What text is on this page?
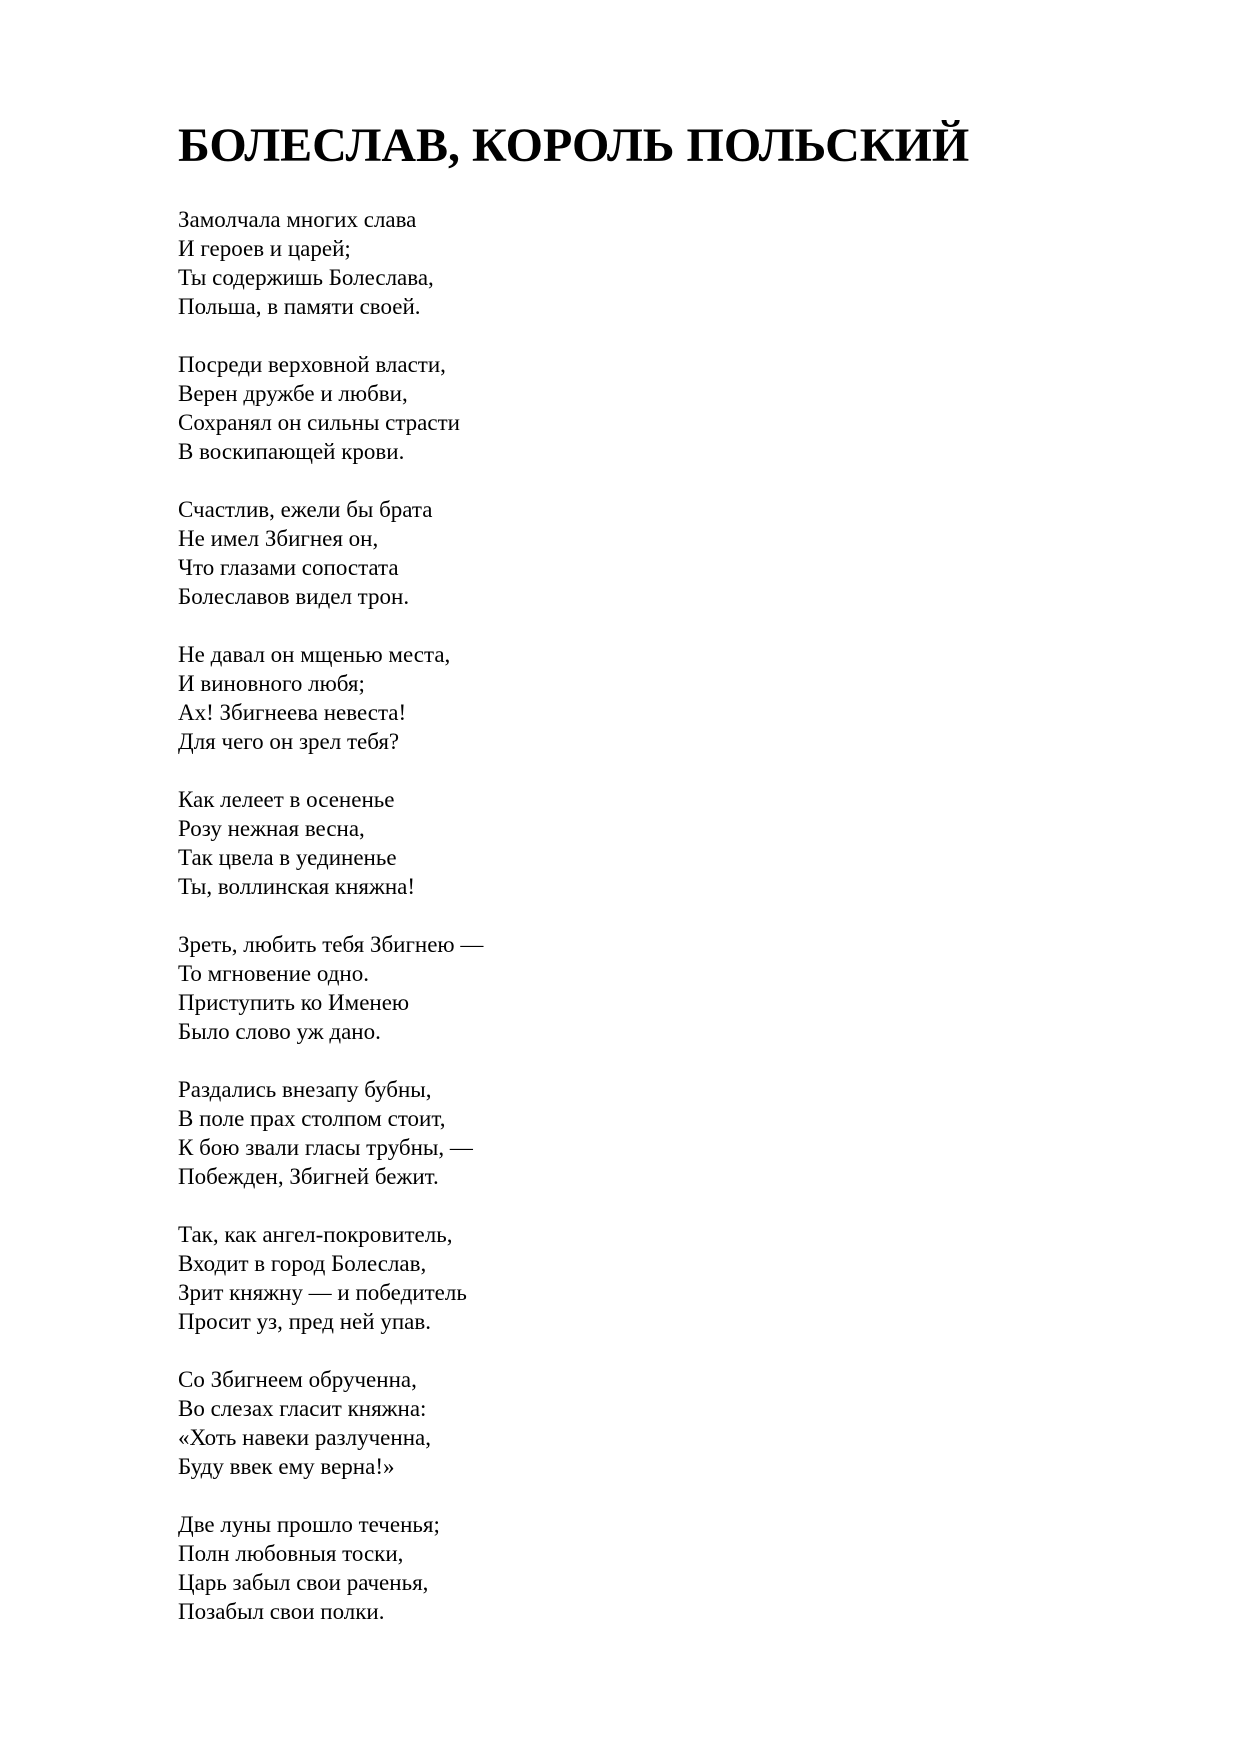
БОЛЕСЛАВ, КОРОЛЬ ПОЛЬСКИЙ
Замолчала многих слава
И героев и царей;
Ты содержишь Болеслава,
Польша, в памяти своей.
Посреди верховной власти,
Верен дружбе и любви,
Сохранял он сильны страсти
В воскипающей крови.
Счастлив, ежели бы брата
Не имел Збигнея он,
Что глазами сопостата
Болеславов видел трон.
Не давал он мщенью места,
И виновного любя;
Ах! Збигнеева невеста!
Для чего он зрел тебя?
Как лелеет в осененье
Розу нежная весна,
Так цвела в уединенье
Ты, воллинская княжна!
Зреть, любить тебя Збигнею —
То мгновение одно.
Приступить ко Именею
Было слово уж дано.
Раздались внезапу бубны,
В поле прах столпом стоит,
К бою звали гласы трубны, —
Побежден, Збигней бежит.
Так, как ангел-покровитель,
Входит в город Болеслав,
Зрит княжну — и победитель
Просит уз, пред ней упав.
Со Збигнеем обрученна,
Во слезах гласит княжна:
«Хоть навеки разлученна,
Буду ввек ему верна!»
Две луны прошло теченья;
Полн любовныя тоски,
Царь забыл свои раченья,
Позабыл свои полки.
